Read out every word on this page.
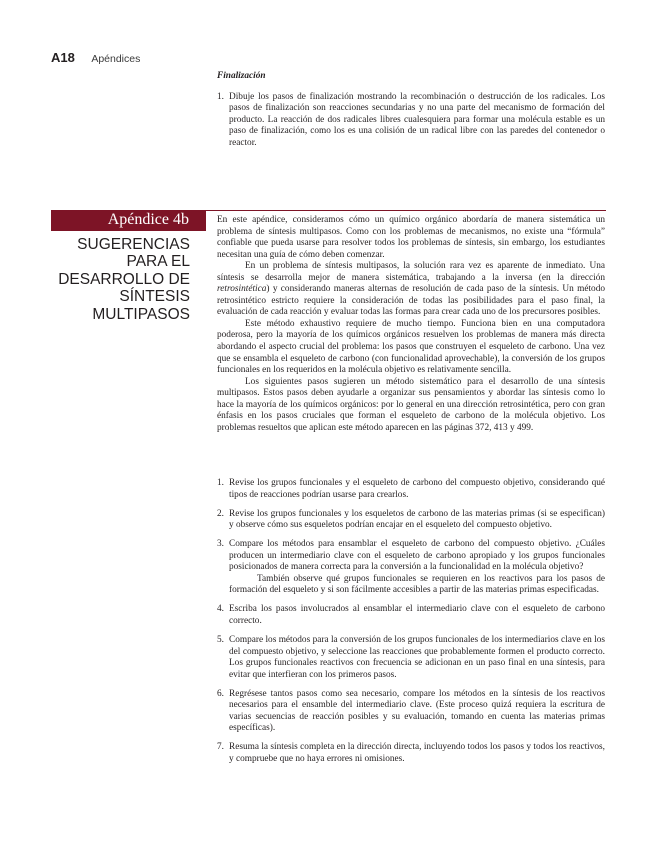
A18 Apéndices
Finalización
1. Dibuje los pasos de finalización mostrando la recombinación o destrucción de los radicales. Los pasos de finalización son reacciones secundarias y no una parte del mecanismo de formación del producto. La reacción de dos radicales libres cualesquiera para formar una molécula estable es un paso de finalización, como los es una colisión de un radical libre con las paredes del contenedor o reactor.
Apéndice 4b
SUGERENCIAS
PARA EL
DESARROLLO DE
SÍNTESIS
MULTIPASOS

En este apéndice, consideramos cómo un químico orgánico abordaría de manera sistemática un problema de síntesis multipasos. Como con los problemas de mecanismos, no existe una “fórmula” confiable que pueda usarse para resolver todos los problemas de síntesis, sin embargo, los estudiantes necesitan una guía de cómo deben comenzar.

En un problema de síntesis multipasos, la solución rara vez es aparente de inmediato. Una síntesis se desarrolla mejor de manera sistemática, trabajando a la inversa (en la dirección retrosintética) y considerando maneras alternas de resolución de cada paso de la síntesis. Un método retrosintético estricto requiere la consideración de todas las posibilidades para el paso final, la evaluación de cada reacción y evaluar todas las formas para crear cada uno de los precursores posibles.

Este método exhaustivo requiere de mucho tiempo. Funciona bien en una computadora poderosa, pero la mayoría de los químicos orgánicos resuelven los problemas de manera más directa abordando el aspecto crucial del problema: los pasos que construyen el esqueleto de carbono. Una vez que se ensambla el esqueleto de carbono (con funcionalidad aprovechable), la conversión de los grupos funcionales en los requeridos en la molécula objetivo es relativamente sencilla.

Los siguientes pasos sugieren un método sistemático para el desarrollo de una síntesis multipasos. Estos pasos deben ayudarle a organizar sus pensamientos y abordar las síntesis como lo hace la mayoría de los químicos orgánicos: por lo general en una dirección retrosintética, pero con gran énfasis en los pasos cruciales que forman el esqueleto de carbono de la molécula objetivo. Los problemas resueltos que aplican este método aparecen en las páginas 372, 413 y 499.

1. Revise los grupos funcionales y el esqueleto de carbono del compuesto objetivo, considerando qué tipos de reacciones podrían usarse para crearlos.
2. Revise los grupos funcionales y los esqueletos de carbono de las materias primas (si se especifican) y observe cómo sus esqueletos podrían encajar en el esqueleto del compuesto objetivo.
3. Compare los métodos para ensamblar el esqueleto de carbono del compuesto objetivo. ¿Cuáles producen un intermediario clave con el esqueleto de carbono apropiado y los grupos funcionales posicionados de manera correcta para la conversión a la funcionalidad en la molécula objetivo?
También observe qué grupos funcionales se requieren en los reactivos para los pasos de formación del esqueleto y si son fácilmente accesibles a partir de las materias primas especificadas.
4. Escriba los pasos involucrados al ensamblar el intermediario clave con el esqueleto de carbono correcto.
5. Compare los métodos para la conversión de los grupos funcionales de los intermediarios clave en los del compuesto objetivo, y seleccione las reacciones que probablemente formen el producto correcto. Los grupos funcionales reactivos con frecuencia se adicionan en un paso final en una síntesis, para evitar que interfieran con los primeros pasos.
6. Regrésese tantos pasos como sea necesario, compare los métodos en la síntesis de los reactivos necesarios para el ensamble del intermediario clave. (Este proceso quizá requiera la escritura de varias secuencias de reacción posibles y su evaluación, tomando en cuenta las materias primas específicas).
7. Resuma la síntesis completa en la dirección directa, incluyendo todos los pasos y todos los reactivos, y compruebe que no haya errores ni omisiones.
